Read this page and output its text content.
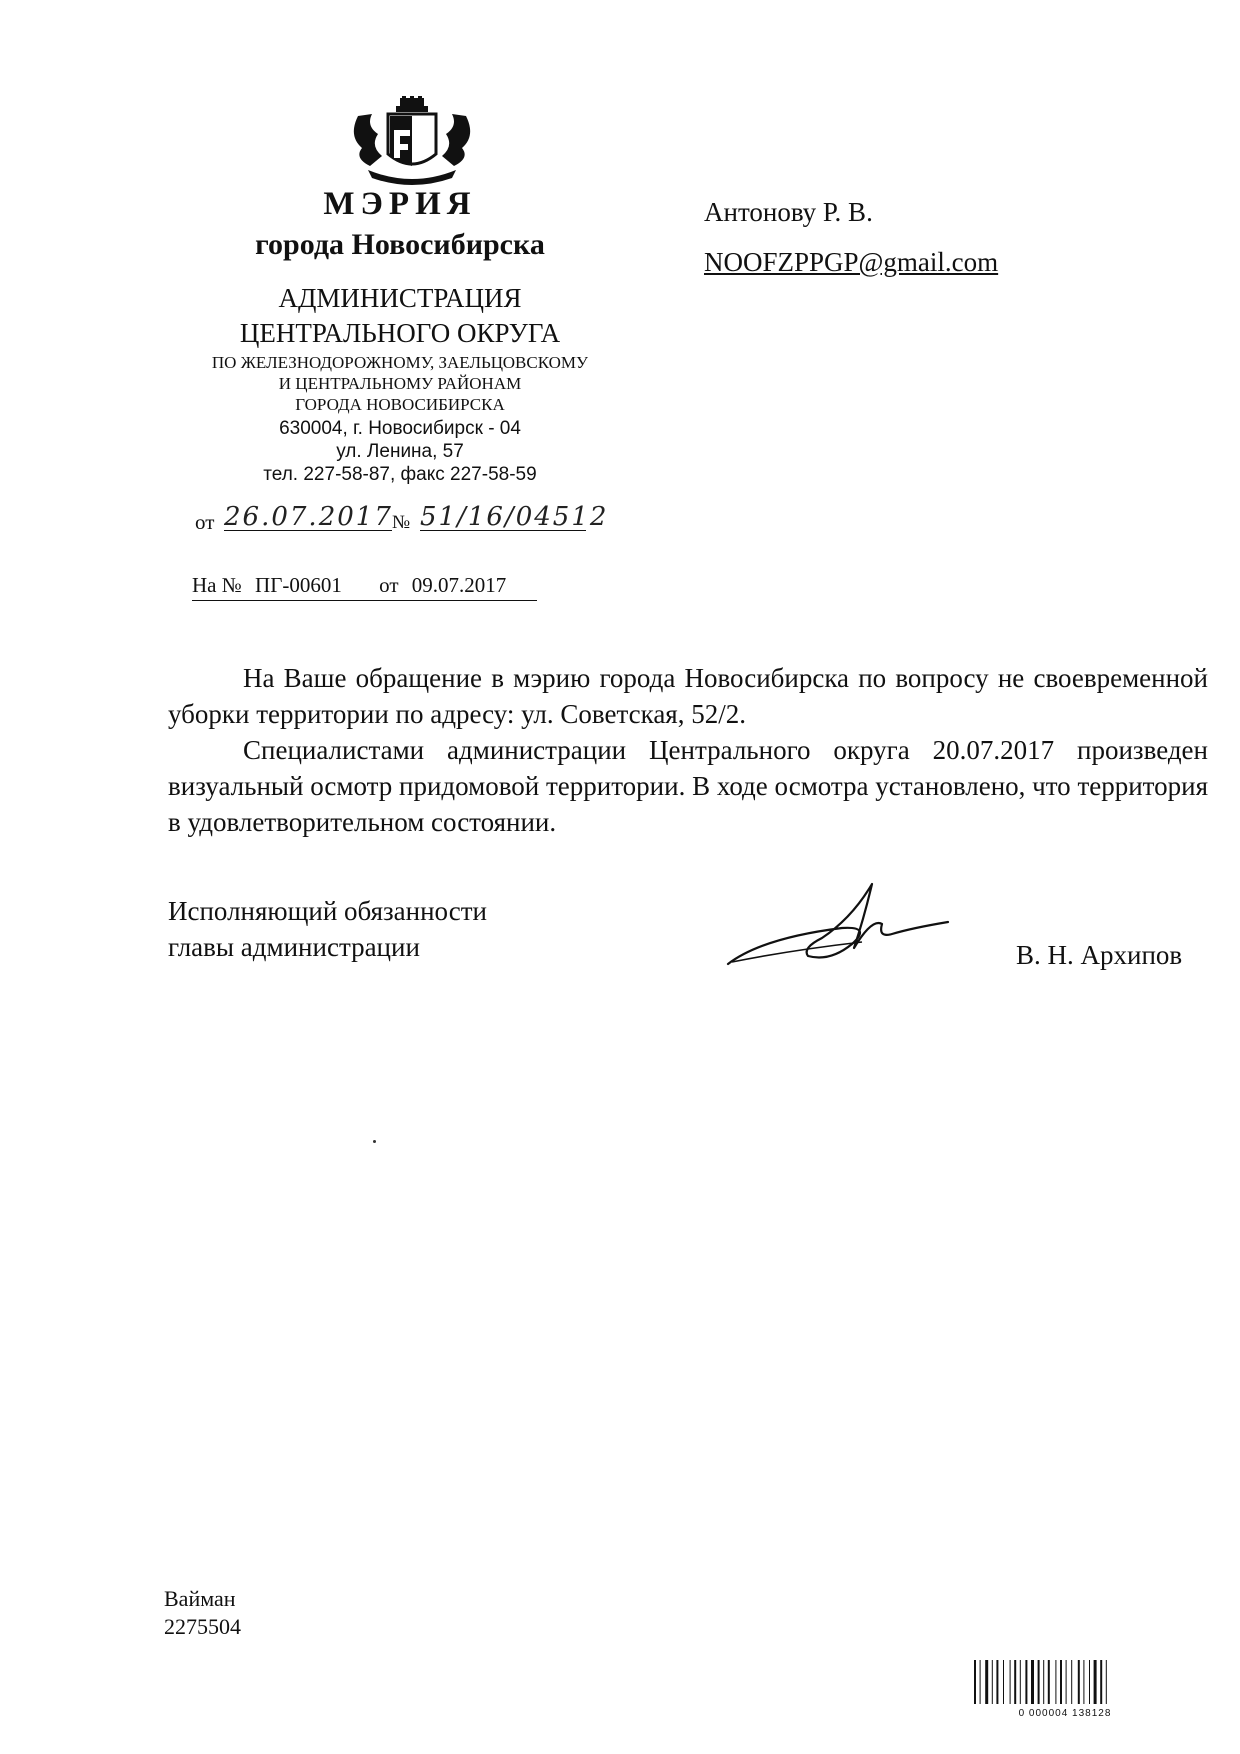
МЭРИЯ
города Новосибирска
АДМИНИСТРАЦИЯ
ЦЕНТРАЛЬНОГО ОКРУГА
ПО ЖЕЛЕЗНОДОРОЖНОМУ, ЗАЕЛЬЦОВСКОМУ
И ЦЕНТРАЛЬНОМУ РАЙОНАМ
ГОРОДА НОВОСИБИРСКА
630004, г. Новосибирск - 04
ул. Ленина, 57
тел. 227-58-87, факс 227-58-59
от 26.07.2017 № 51/16/04512
На № ПГ-00601 от 09.07.2017
Антонову Р. В.
NOOFZPPGP@gmail.com
На Ваше обращение в мэрию города Новосибирска по вопросу не своевременной уборки территории по адресу: ул. Советская, 52/2.
Специалистами администрации Центрального округа 20.07.2017 произведен визуальный осмотр придомовой территории. В ходе осмотра установлено, что территория в удовлетворительном состоянии.
Исполняющий обязанности
главы администрации	В. Н. Архипов
Вайман
2275504
0 000004 138128
